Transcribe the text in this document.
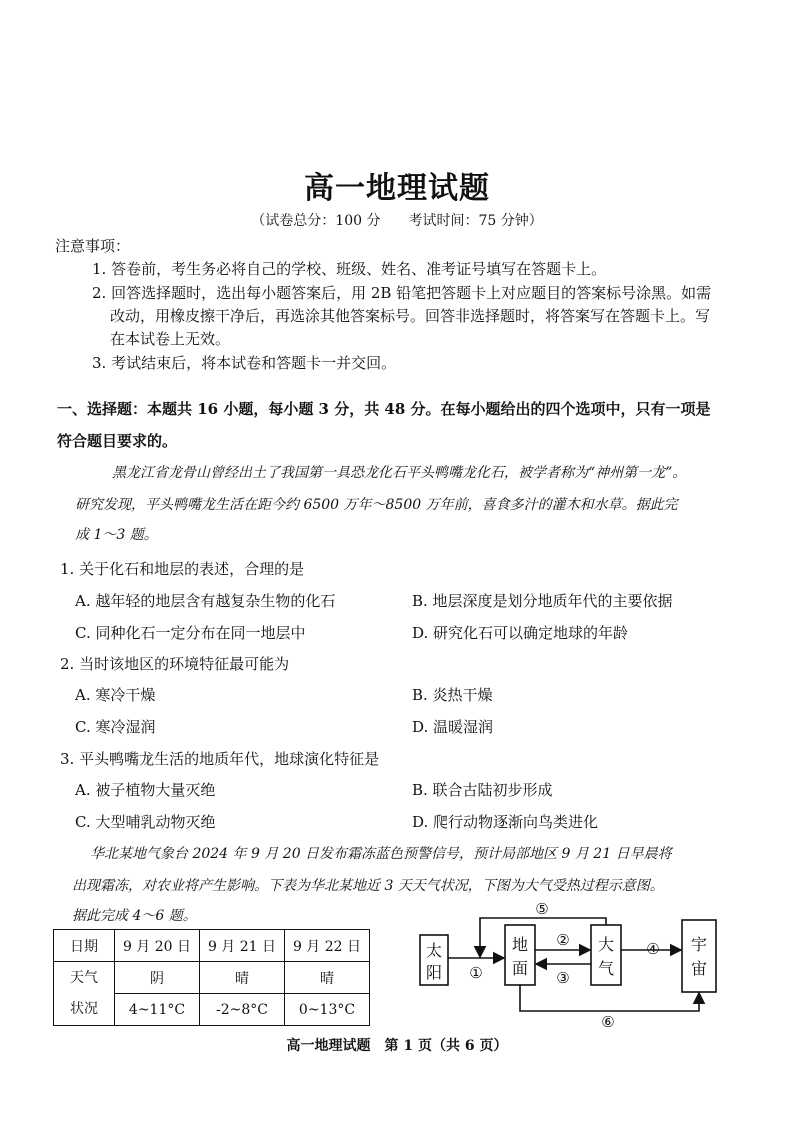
高一地理试题
（试卷总分：100 分　　考试时间：75 分钟）
注意事项：
1. 答卷前，考生务必将自己的学校、班级、姓名、准考证号填写在答题卡上。
2. 回答选择题时，选出每小题答案后，用 2B 铅笔把答题卡上对应题目的答案标号涂黑。如需
改动，用橡皮擦干净后，再选涂其他答案标号。回答非选择题时，将答案写在答题卡上。写
在本试卷上无效。
3. 考试结束后，将本试卷和答题卡一并交回。
一、选择题：本题共 16 小题，每小题 3 分，共 48 分。在每小题给出的四个选项中，只有一项是
符合题目要求的。
黑龙江省龙骨山曾经出土了我国第一具恐龙化石平头鸭嘴龙化石，被学者称为“神州第一龙”。
研究发现，平头鸭嘴龙生活在距今约 6500 万年～8500 万年前，喜食多汁的灌木和水草。据此完
成 1～3 题。
1. 关于化石和地层的表述，合理的是
A. 越年轻的地层含有越复杂生物的化石	B. 地层深度是划分地质年代的主要依据
C. 同种化石一定分布在同一地层中	D. 研究化石可以确定地球的年龄
2. 当时该地区的环境特征最可能为
A. 寒冷干燥	B. 炎热干燥
C. 寒冷湿润	D. 温暖湿润
3. 平头鸭嘴龙生活的地质年代，地球演化特征是
A. 被子植物大量灭绝	B. 联合古陆初步形成
C. 大型哺乳动物灭绝	D. 爬行动物逐渐向鸟类进化
华北某地气象台 2024 年 9 月 20 日发布霜冻蓝色预警信号，预计局部地区 9 月 21 日早晨将
出现霜冻，对农业将产生影响。下表为华北某地近 3 天天气状况，下图为大气受热过程示意图。
据此完成 4～6 题。
日期	9 月 20 日	9 月 21 日	9 月 22 日

天气
状况	阴	晴	晴
	4~11°C	-2~8°C	0~13°C
太
阳
地
面
大
气
宇
宙
①
②
③
④
⑤
⑥
高一地理试题　第 1 页（共 6 页）
